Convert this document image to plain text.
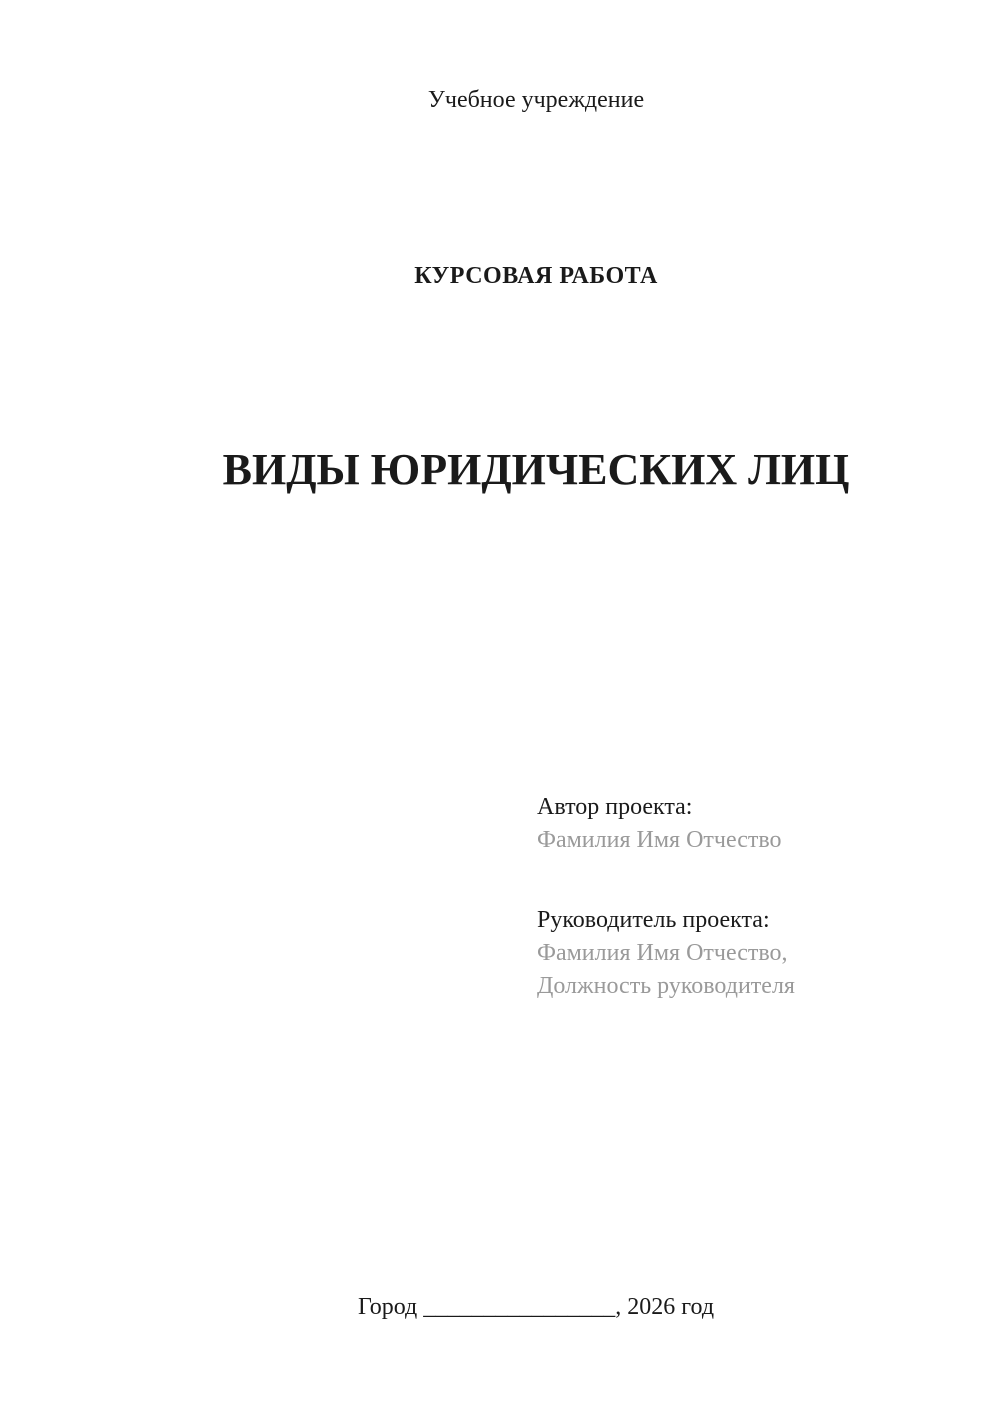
Учебное учреждение
КУРСОВАЯ РАБОТА
ВИДЫ ЮРИДИЧЕСКИХ ЛИЦ
Автор проекта:
Фамилия Имя Отчество
Руководитель проекта:
Фамилия Имя Отчество,
Должность руководителя
Город ________________, 2026 год
